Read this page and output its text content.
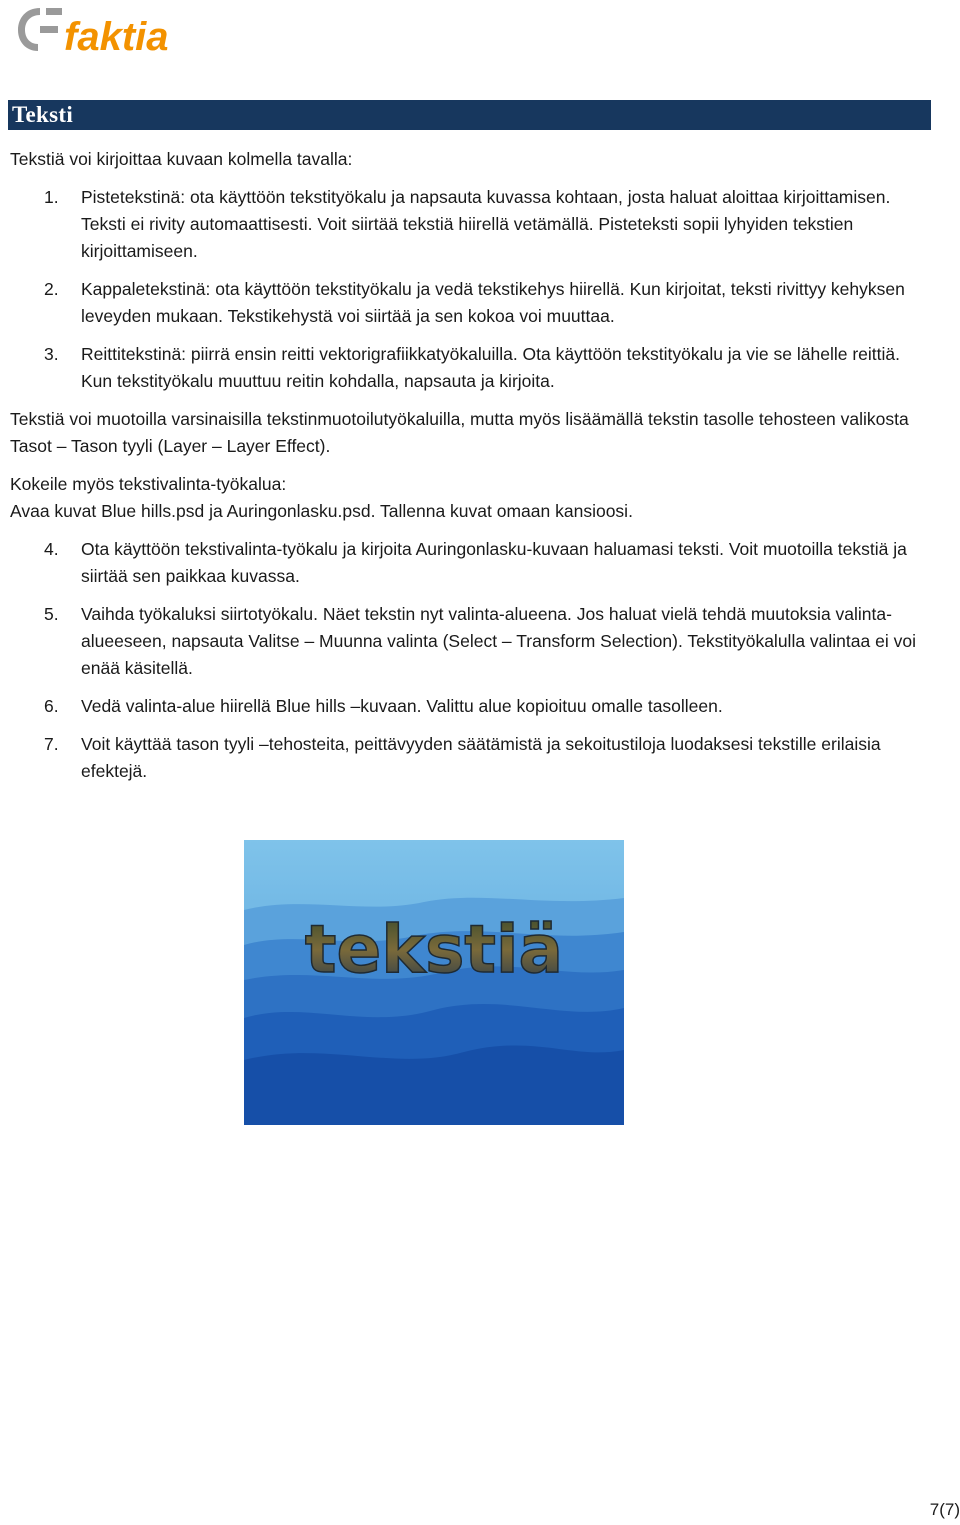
faktia
Teksti

Tekstiä voi kirjoittaa kuvaan kolmella tavalla:

1. Pistetekstinä: ota käyttöön tekstityökalu ja napsauta kuvassa kohtaan, josta haluat aloittaa kirjoittamisen. Teksti ei rivity automaattisesti. Voit siirtää tekstiä hiirellä vetämällä. Pisteteksti sopii lyhyiden tekstien kirjoittamiseen.
2. Kappaletekstinä: ota käyttöön tekstityökalu ja vedä tekstikehys hiirellä. Kun kirjoitat, teksti rivittyy kehyksen leveyden mukaan. Tekstikehystä voi siirtää ja sen kokoa voi muuttaa.
3. Reittitekstinä: piirrä ensin reitti vektorigrafiikkatyökaluilla. Ota käyttöön tekstityökalu ja vie se lähelle reittiä. Kun tekstityökalu muuttuu reitin kohdalla, napsauta ja kirjoita.

Tekstiä voi muotoilla varsinaisilla tekstinmuotoilutyökaluilla, mutta myös lisäämällä tekstin tasolle tehosteen valikosta Tasot – Tason tyyli (Layer – Layer Effect).

Kokeile myös tekstivalinta-työkalua:

Avaa kuvat Blue hills.psd ja Auringonlasku.psd. Tallenna kuvat omaan kansioosi.

4. Ota käyttöön tekstivalinta-työkalu ja kirjoita Auringonlasku-kuvaan haluamasi teksti. Voit muotoilla tekstiä ja siirtää sen paikkaa kuvassa.
5. Vaihda työkaluksi siirtotyökalu. Näet tekstin nyt valinta-alueena. Jos haluat vielä tehdä muutoksia valinta-alueeseen, napsauta Valitse – Muunna valinta (Select – Transform Selection). Tekstityökalulla valintaa ei voi enää käsitellä.
6. Vedä valinta-alue hiirellä Blue hills –kuvaan. Valittu alue kopioituu omalle tasolleen.
7. Voit käyttää tason tyyli –tehosteita, peittävyyden säätämistä ja sekoitustiloja luodaksesi tekstille erilaisia efektejä.
tekstiä
7(7)
